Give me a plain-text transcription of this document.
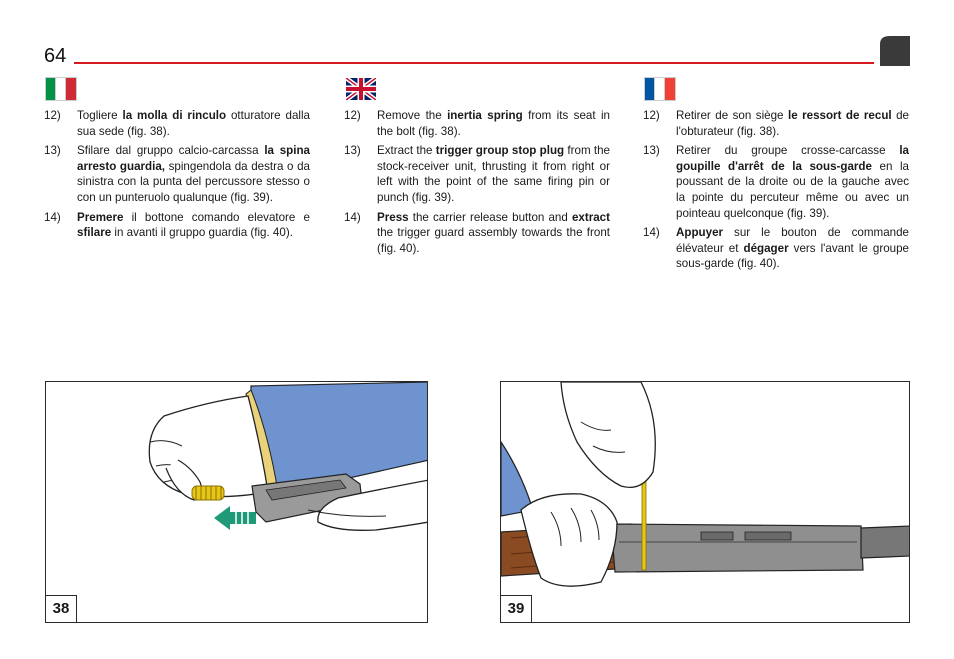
64
12)	Togliere la molla di rinculo otturatore dalla sua sede (fig. 38).
13)	Sfilare dal gruppo calcio-carcassa la spina arresto guardia, spingendola da destra o da sinistra con la punta del percussore stesso o con un punteruolo qualunque (fig. 39).
14)	Premere il bottone comando elevatore e sfilare in avanti il gruppo guardia (fig. 40).
12)	Remove the inertia spring from its seat in the bolt (fig. 38).
13)	Extract the trigger group stop plug from the stock-receiver unit, thrusting it from right or left with the point of the same firing pin or punch (fig. 39).
14)	Press the carrier release button and extract the trigger guard assembly towards the front (fig. 40).
12)	Retirer de son siège le ressort de recul de l'obturateur (fig. 38).
13)	Retirer du groupe crosse-carcasse la goupille d'arrêt de la sous-garde en la poussant de la droite ou de la gauche avec la pointe du percuteur même ou avec un pointeau quelconque (fig. 39).
14)	Appuyer sur le bouton de commande élévateur et dégager vers l'avant le groupe sous-garde (fig. 40).
38	39
